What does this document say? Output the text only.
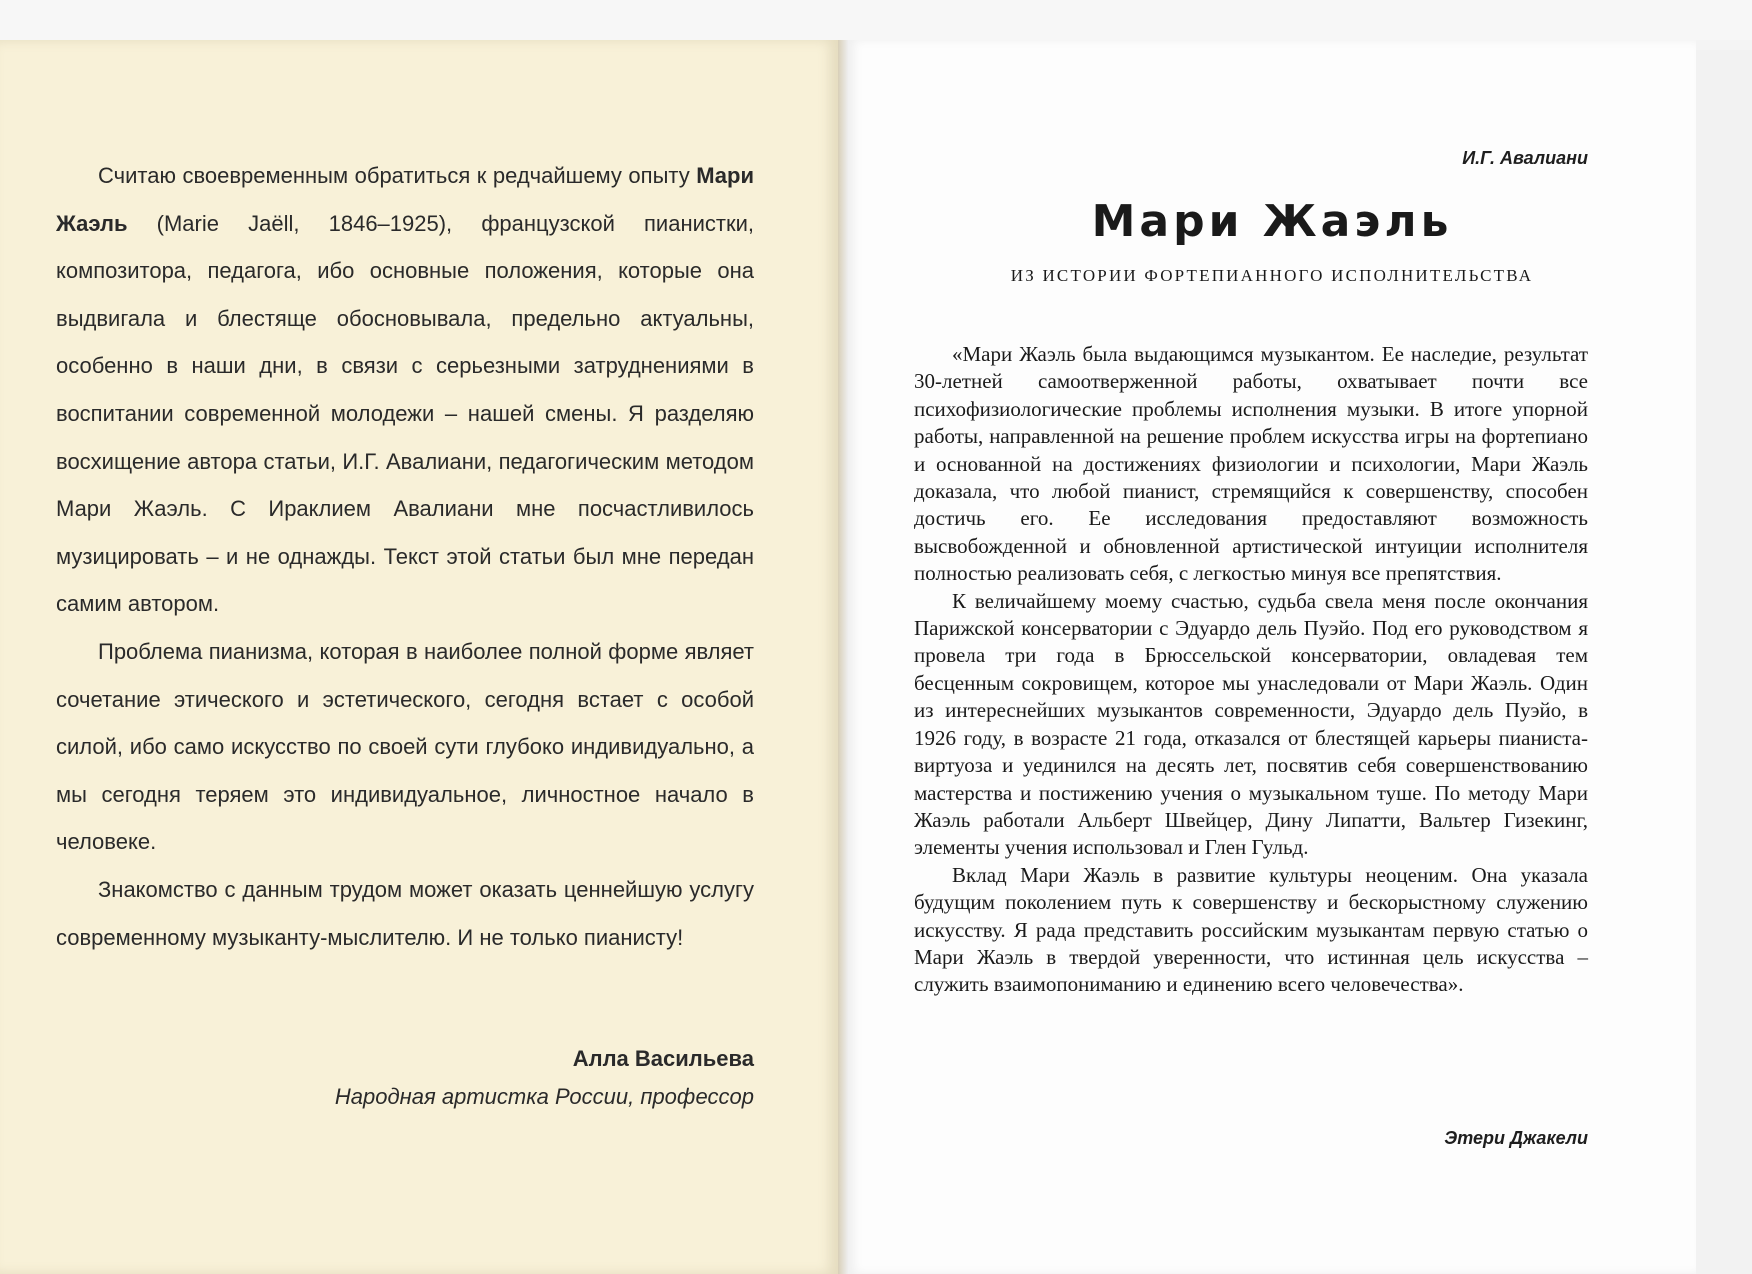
Считаю своевременным обратиться к редчайшему опыту Мари Жаэль (Marie Jaëll, 1846–1925), французской пианистки, композитора, педагога, ибо основные положения, которые она выдвигала и блестяще обосновывала, предельно актуальны, особенно в наши дни, в связи с серьезными затруднениями в воспитании современной молодежи – нашей смены. Я разделяю восхищение автора статьи, И.Г. Авалиани, педагогическим методом Мари Жаэль. С Ираклием Авалиани мне посчастливилось музицировать – и не однажды. Текст этой статьи был мне передан самим автором.

Проблема пианизма, которая в наиболее полной форме являет сочетание этического и эстетического, сегодня встает с особой силой, ибо само искусство по своей сути глубоко индивидуально, а мы сегодня теряем это индивидуальное, личностное начало в человеке.

Знакомство с данным трудом может оказать ценнейшую услугу современному музыканту-мыслителю. И не только пианисту!

Алла Васильева
Народная артистка России, профессор
И.Г. Авалиани
Мари Жаэль
ИЗ ИСТОРИИ ФОРТЕПИАННОГО ИСПОЛНИТЕЛЬСТВА

«Мари Жаэль была выдающимся музыкантом. Ее наследие, результат 30-летней самоотверженной работы, охватывает почти все психофизиологические проблемы исполнения музыки. В итоге упорной работы, направленной на решение проблем искусства игры на фортепиано и основанной на достижениях физиологии и психологии, Мари Жаэль доказала, что любой пианист, стремящийся к совершенству, способен достичь его. Ее исследования предоставляют возможность высвобожденной и обновленной артистической интуиции исполнителя полностью реализовать себя, с легкостью минуя все препятствия.

К величайшему моему счастью, судьба свела меня после окончания Парижской консерватории с Эдуардо дель Пуэйо. Под его руководством я провела три года в Брюссельской консерватории, овладевая тем бесценным сокровищем, которое мы унаследовали от Мари Жаэль. Один из интереснейших музыкантов современности, Эдуардо дель Пуэйо, в 1926 году, в возрасте 21 года, отказался от блестящей карьеры пианиста-виртуоза и уединился на десять лет, посвятив себя совершенствованию мастерства и постижению учения о музыкальном туше. По методу Мари Жаэль работали Альберт Швейцер, Дину Липатти, Вальтер Гизекинг, элементы учения использовал и Глен Гульд.

Вклад Мари Жаэль в развитие культуры неоценим. Она указала будущим поколением путь к совершенству и бескорыстному служению искусству. Я рада представить российским музыкантам первую статью о Мари Жаэль в твердой уверенности, что истинная цель искусства – служить взаимопониманию и единению всего человечества».

Этери Джакели
